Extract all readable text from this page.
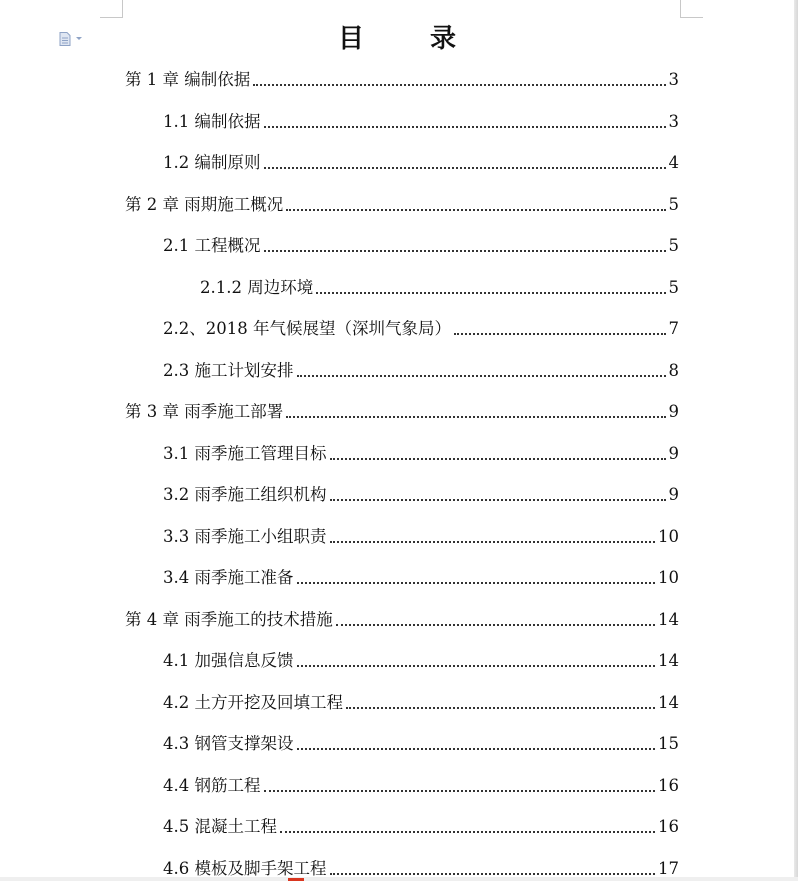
目　录
第 1 章 编制依据	3
1.1 编制依据	3
1.2 编制原则	4
第 2 章 雨期施工概况	5
2.1 工程概况	5
2.1.2 周边环境	5
2.2、2018 年气候展望（深圳气象局）	7
2.3 施工计划安排	8
第 3 章 雨季施工部署	9
3.1 雨季施工管理目标	9
3.2 雨季施工组织机构	9
3.3 雨季施工小组职责	10
3.4 雨季施工准备	10
第 4 章 雨季施工的技术措施	14
4.1 加强信息反馈	14
4.2 土方开挖及回填工程	14
4.3 钢管支撑架设	15
4.4 钢筋工程	16
4.5 混凝土工程	16
4.6 模板及脚手架工程	17
